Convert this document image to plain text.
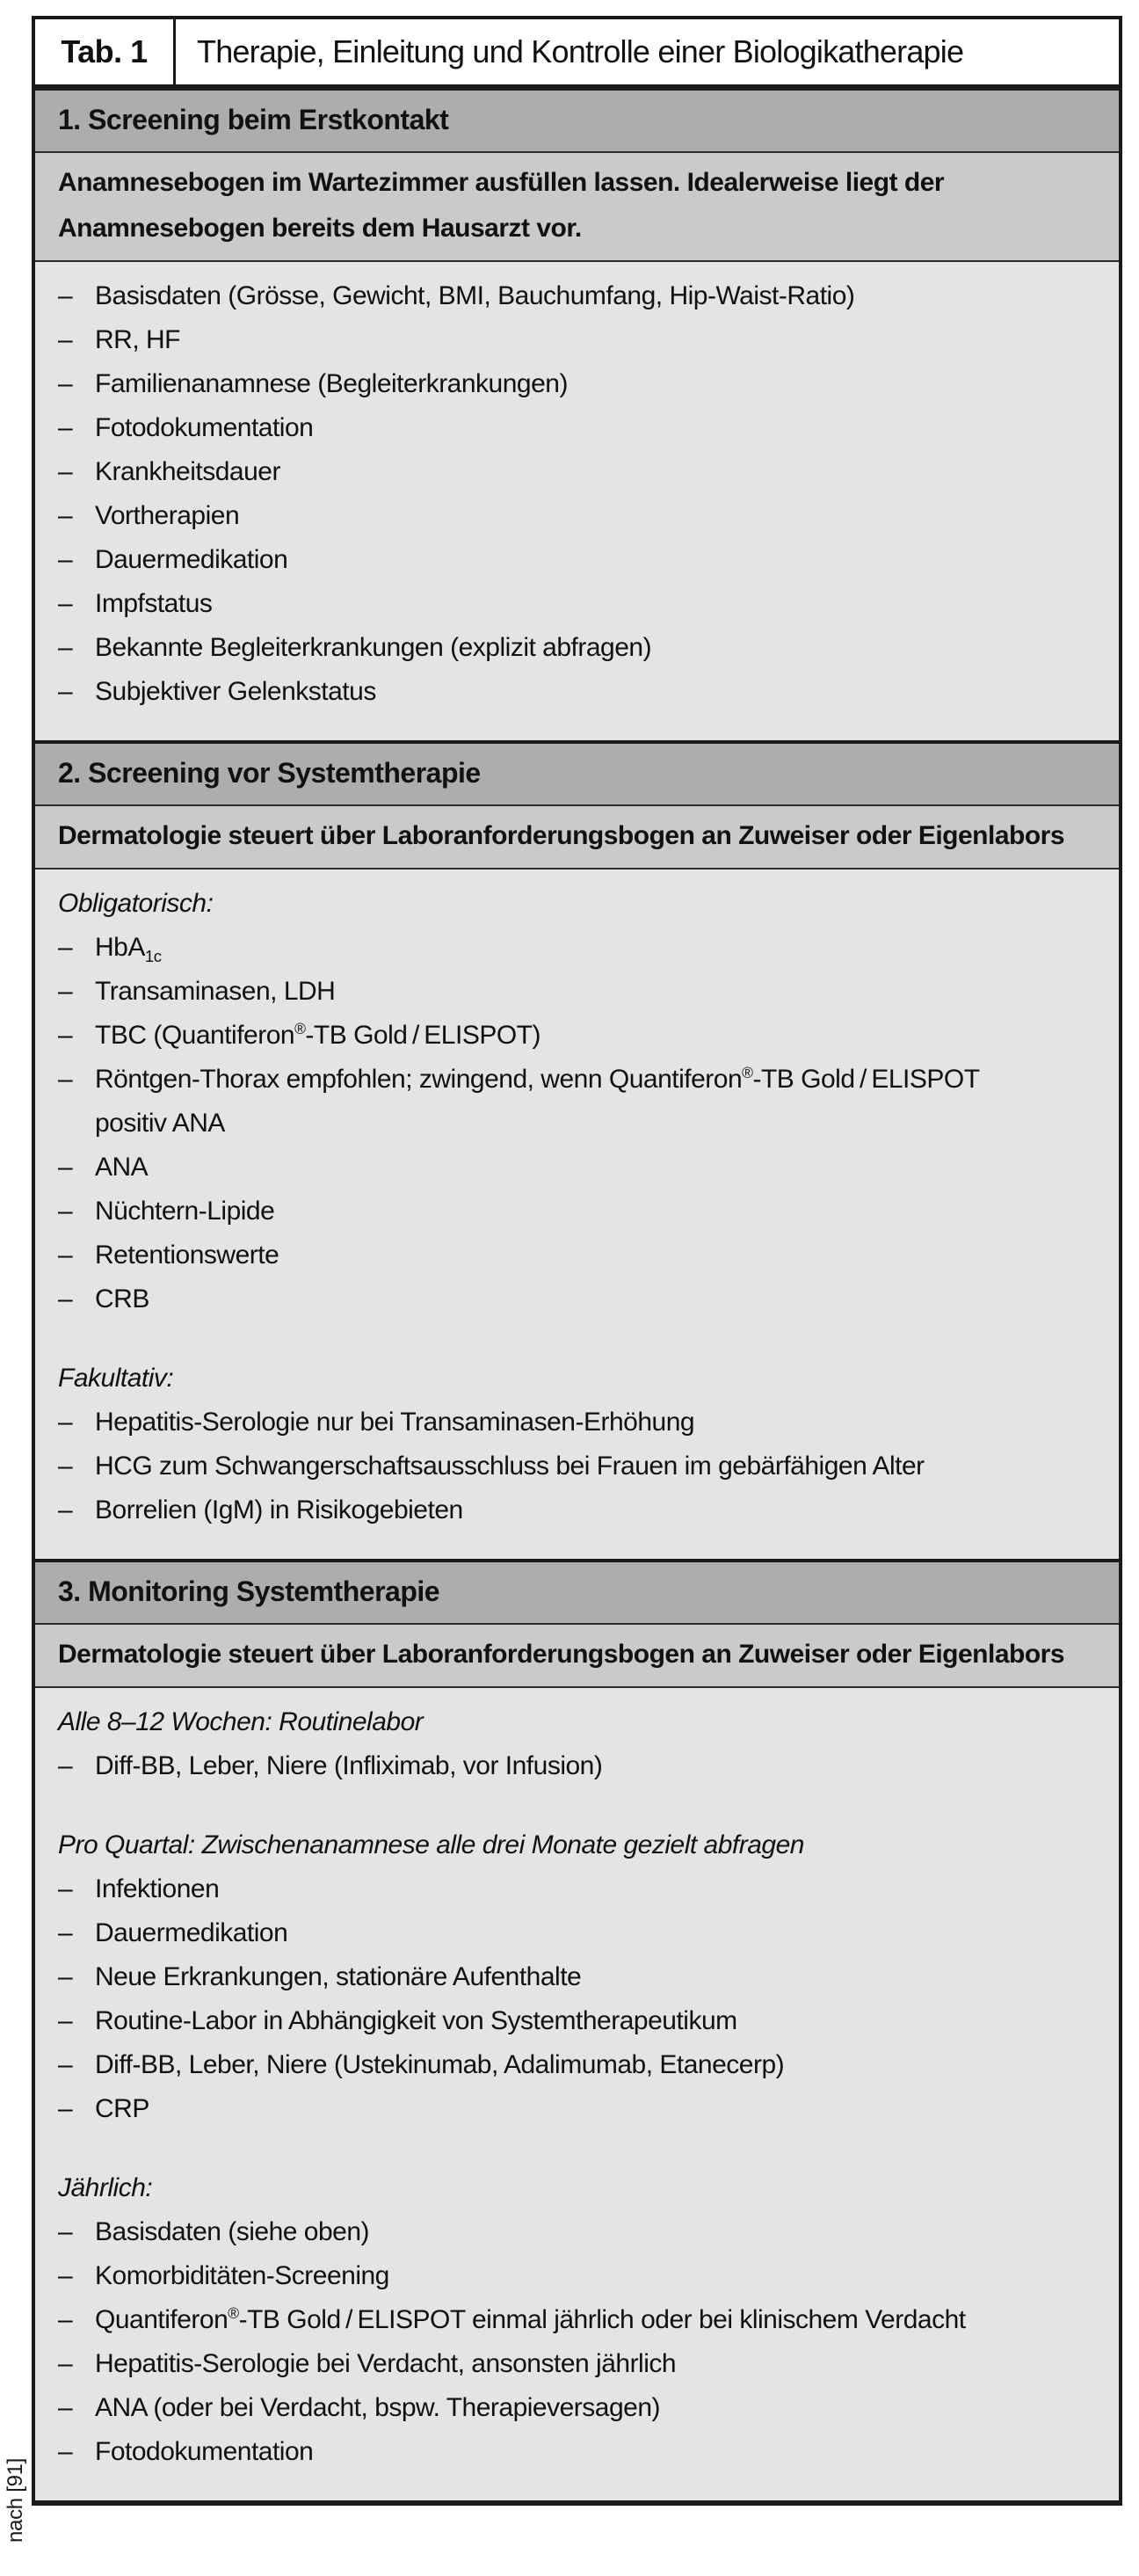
Tab. 1	Therapie, Einleitung und Kontrolle einer Biologikatherapie
1. Screening beim Erstkontakt
Anamnesebogen im Wartezimmer ausfüllen lassen. Idealerweise liegt der Anamnesebogen bereits dem Hausarzt vor.
– Basisdaten (Grösse, Gewicht, BMI, Bauchumfang, Hip-Waist-Ratio)
– RR, HF
– Familienanamnese (Begleiterkrankungen)
– Fotodokumentation
– Krankheitsdauer
– Vortherapien
– Dauermedikation
– Impfstatus
– Bekannte Begleiterkrankungen (explizit abfragen)
– Subjektiver Gelenkstatus
2. Screening vor Systemtherapie
Dermatologie steuert über Laboranforderungsbogen an Zuweiser oder Eigenlabors
Obligatorisch:
– HbA$_{1c}$
– Transaminasen, LDH
– TBC (Quantiferon®-TB Gold / ELISPOT)
– Röntgen-Thorax empfohlen; zwingend, wenn Quantiferon®-TB Gold / ELISPOT
positiv ANA
– ANA
– Nüchtern-Lipide
– Retentionswerte
– CRB
Fakultativ:
– Hepatitis-Serologie nur bei Transaminasen-Erhöhung
– HCG zum Schwangerschaftsausschluss bei Frauen im gebärfähigen Alter
– Borrelien (IgM) in Risikogebieten
3. Monitoring Systemtherapie
Dermatologie steuert über Laboranforderungsbogen an Zuweiser oder Eigenlabors
Alle 8–12 Wochen: Routinelabor
– Diff-BB, Leber, Niere (Infliximab, vor Infusion)
Pro Quartal: Zwischenanamnese alle drei Monate gezielt abfragen
– Infektionen
– Dauermedikation
– Neue Erkrankungen, stationäre Aufenthalte
– Routine-Labor in Abhängigkeit von Systemtherapeutikum
– Diff-BB, Leber, Niere (Ustekinumab, Adalimumab, Etanecerp)
– CRP
Jährlich:
– Basisdaten (siehe oben)
– Komorbiditäten-Screening
– Quantiferon®-TB Gold / ELISPOT einmal jährlich oder bei klinischem Verdacht
– Hepatitis-Serologie bei Verdacht, ansonsten jährlich
– ANA (oder bei Verdacht, bspw. Therapieversagen)
– Fotodokumentation
nach [91]
